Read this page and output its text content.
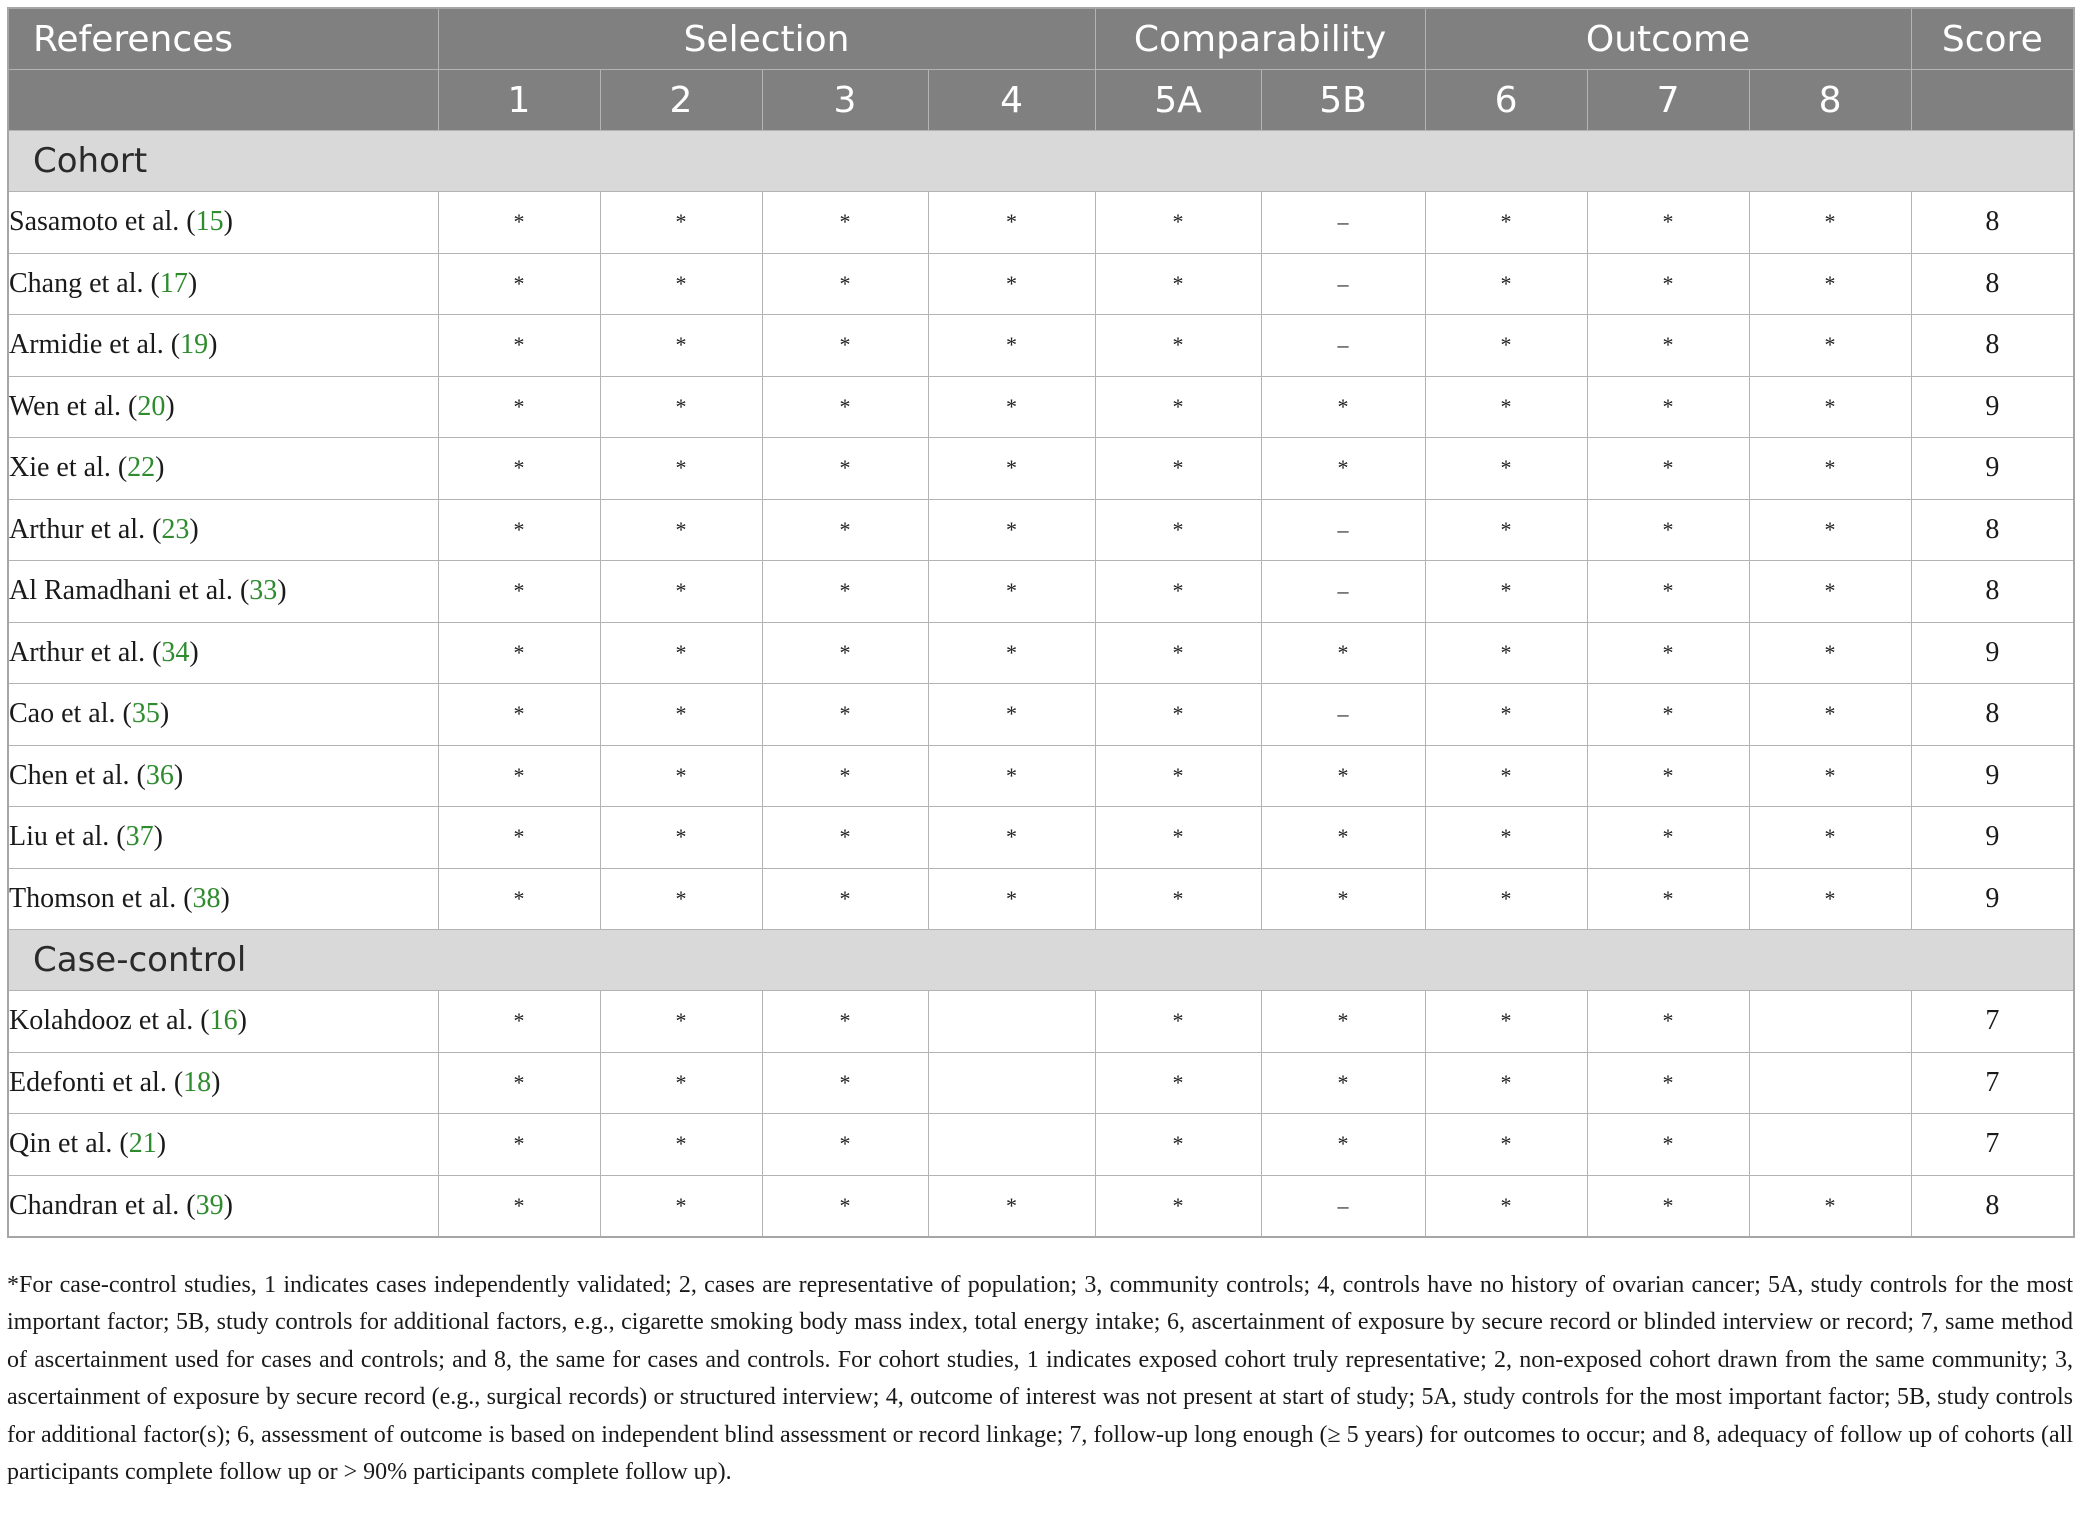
References	Selection				Comparability		Outcome			Score
	1	2	3	4	5A	5B	6	7	8	
Cohort										
Sasamoto et al. (15)	*	*	*	*	*	–	*	*	*	8
Chang et al. (17)	*	*	*	*	*	–	*	*	*	8
Armidie et al. (19)	*	*	*	*	*	–	*	*	*	8
Wen et al. (20)	*	*	*	*	*	*	*	*	*	9
Xie et al. (22)	*	*	*	*	*	*	*	*	*	9
Arthur et al. (23)	*	*	*	*	*	–	*	*	*	8
Al Ramadhani et al. (33)	*	*	*	*	*	–	*	*	*	8
Arthur et al. (34)	*	*	*	*	*	*	*	*	*	9
Cao et al. (35)	*	*	*	*	*	–	*	*	*	8
Chen et al. (36)	*	*	*	*	*	*	*	*	*	9
Liu et al. (37)	*	*	*	*	*	*	*	*	*	9
Thomson et al. (38)	*	*	*	*	*	*	*	*	*	9
Case-control										
Kolahdooz et al. (16)	*	*	*		*	*	*	*		7
Edefonti et al. (18)	*	*	*		*	*	*	*		7
Qin et al. (21)	*	*	*		*	*	*	*		7
Chandran et al. (39)	*	*	*	*	*	–	*	*	*	8
*For case-control studies, 1 indicates cases independently validated; 2, cases are representative of population; 3, community controls; 4, controls have no history of ovarian cancer; 5A, study controls for the most important factor; 5B, study controls for additional factors, e.g., cigarette smoking body mass index, total energy intake; 6, ascertainment of exposure by secure record or blinded interview or record; 7, same method of ascertainment used for cases and controls; and 8, the same for cases and controls. For cohort studies, 1 indicates exposed cohort truly representative; 2, non-exposed cohort drawn from the same community; 3, ascertainment of exposure by secure record (e.g., surgical records) or structured interview; 4, outcome of interest was not present at start of study; 5A, study controls for the most important factor; 5B, study controls for additional factor(s); 6, assessment of outcome is based on independent blind assessment or record linkage; 7, follow-up long enough (≥ 5 years) for outcomes to occur; and 8, adequacy of follow up of cohorts (all participants complete follow up or > 90% participants complete follow up).
